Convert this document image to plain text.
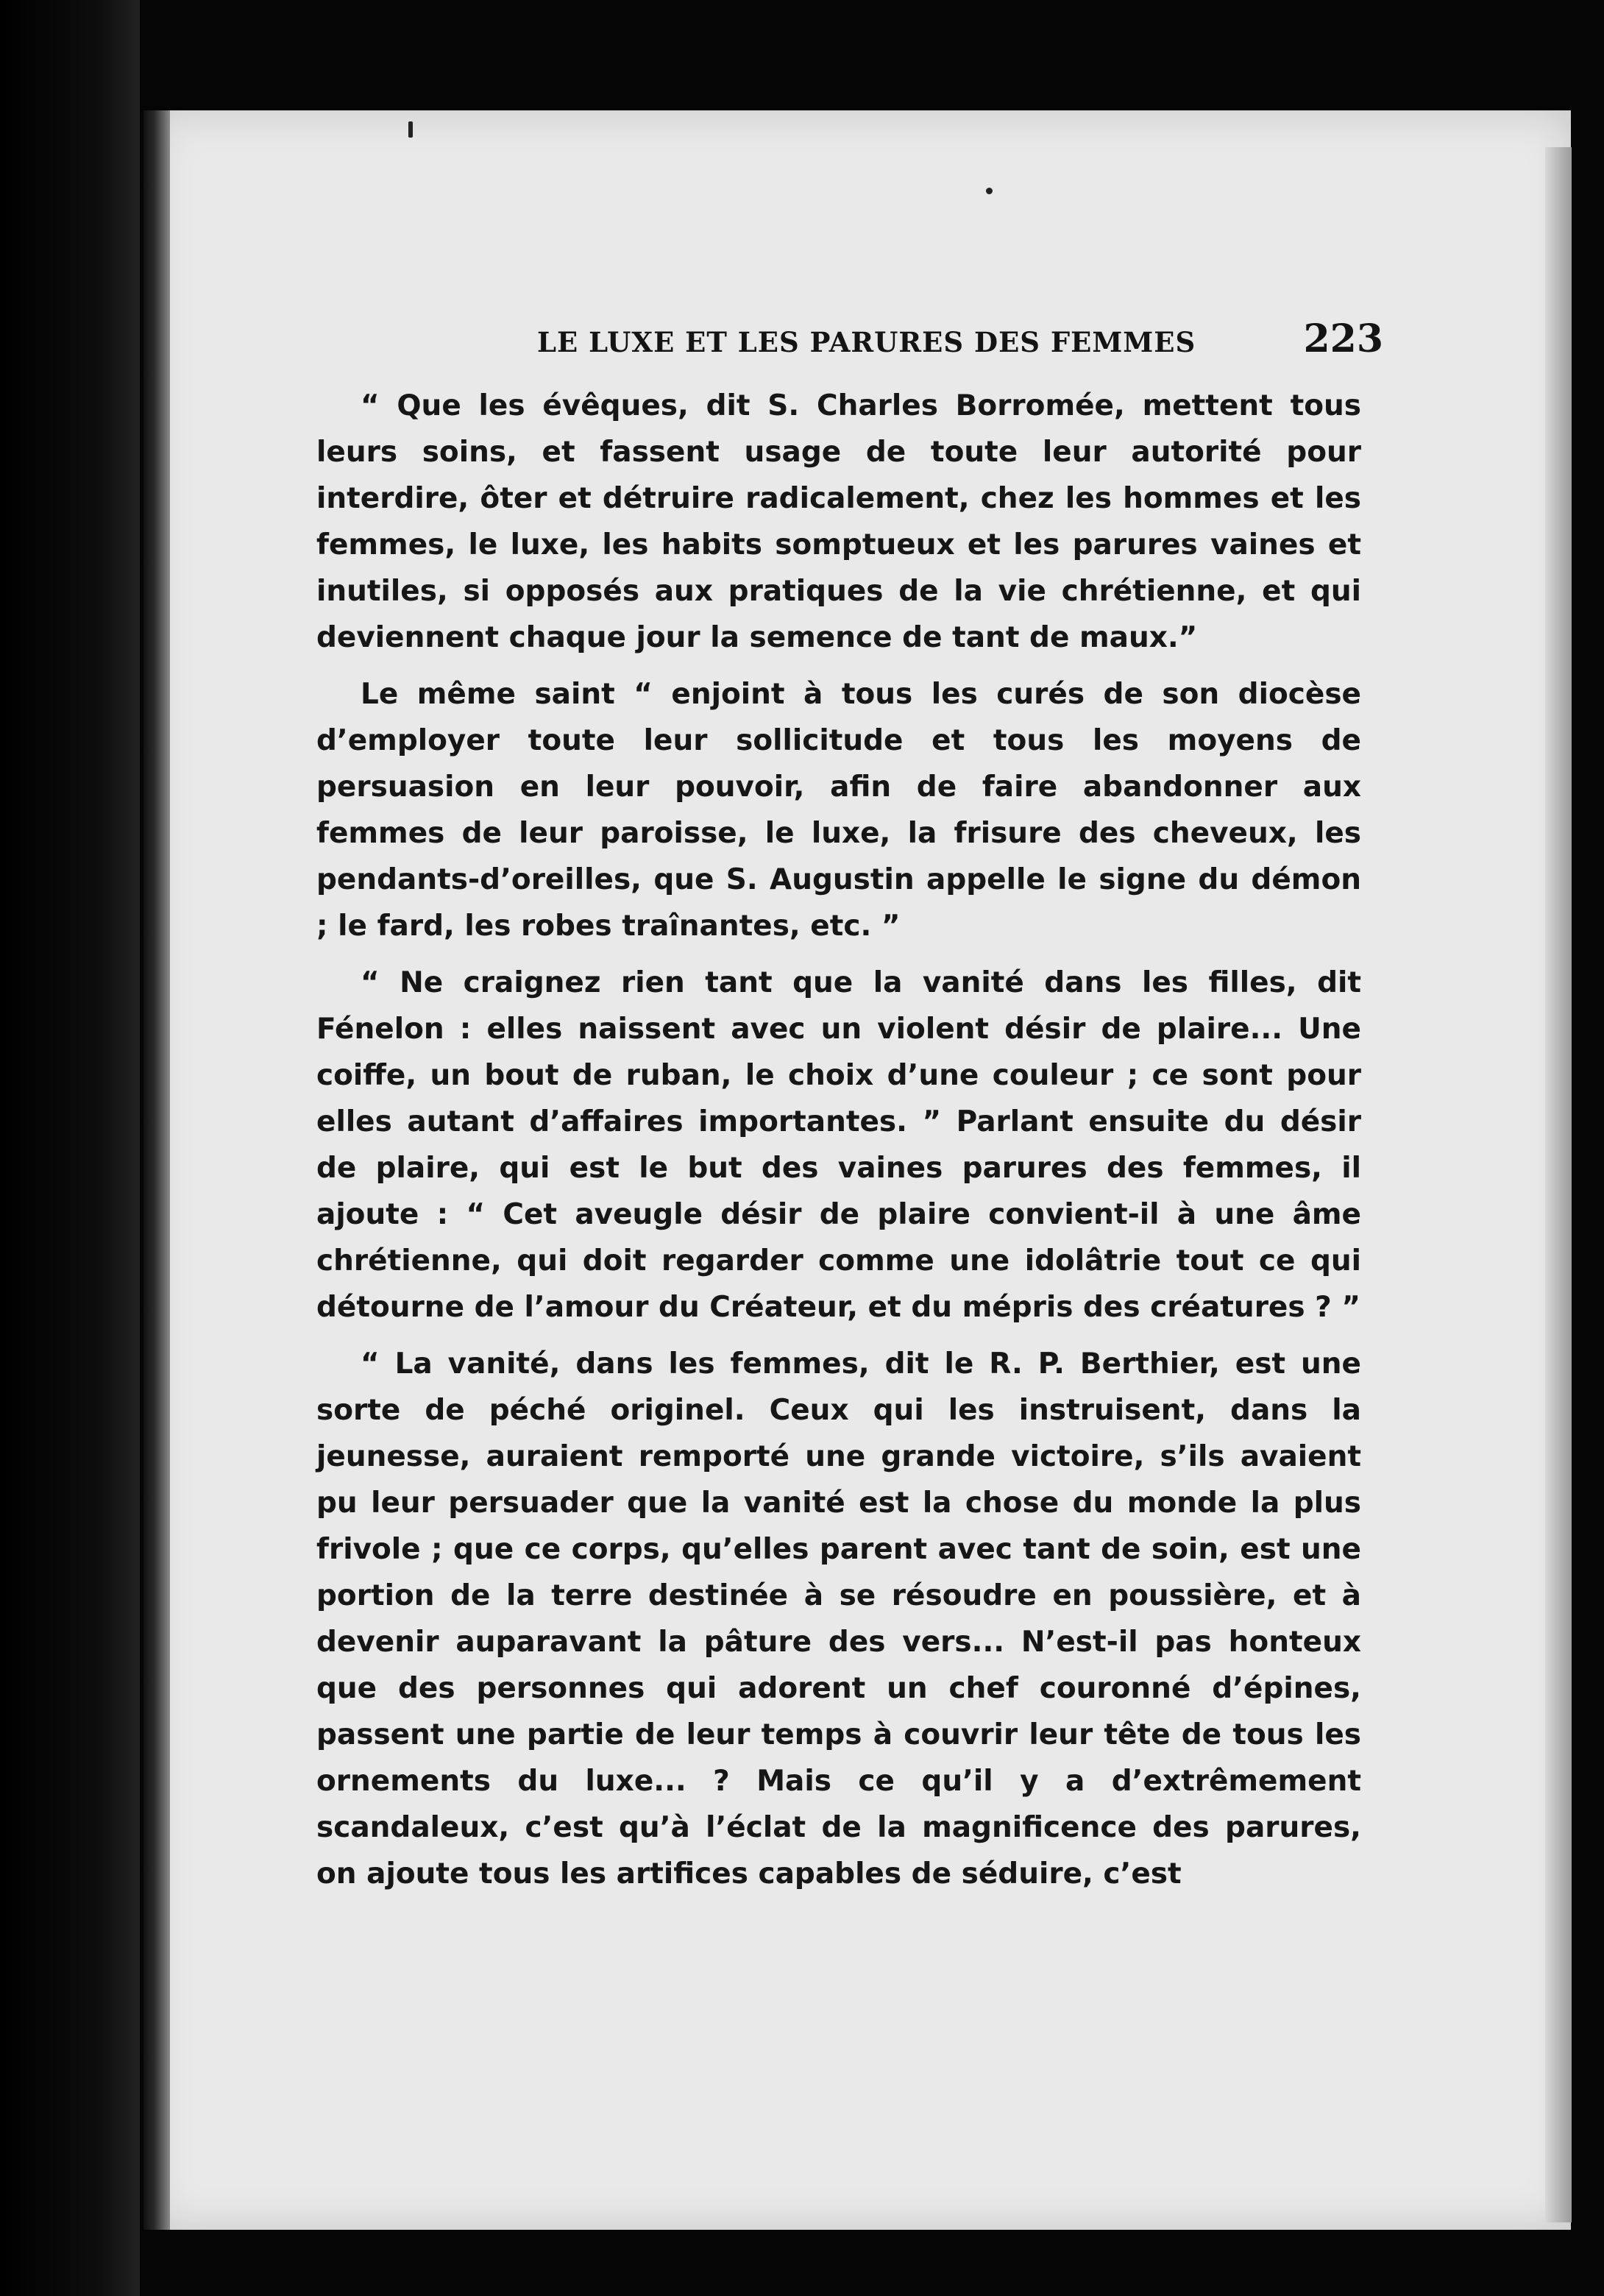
LE LUXE ET LES PARURES DES FEMMES	223

“ Que les évêques, dit S. Charles Borromée, mettent tous leurs soins, et fassent usage de toute leur autorité pour interdire, ôter et détruire radicalement, chez les hommes et les femmes, le luxe, les habits somptueux et les parures vaines et inutiles, si opposés aux pratiques de la vie chrétienne, et qui deviennent chaque jour la semence de tant de maux.”

Le même saint “ enjoint à tous les curés de son diocèse d’employer toute leur sollicitude et tous les moyens de persuasion en leur pouvoir, afin de faire abandonner aux femmes de leur paroisse, le luxe, la frisure des cheveux, les pendants-d’oreilles, que S. Augustin appelle le signe du démon ; le fard, les robes traînantes, etc. ”

“ Ne craignez rien tant que la vanité dans les filles, dit Fénelon : elles naissent avec un violent désir de plaire... Une coiffe, un bout de ruban, le choix d’une couleur ; ce sont pour elles autant d’affaires importantes. ” Parlant ensuite du désir de plaire, qui est le but des vaines parures des femmes, il ajoute : “ Cet aveugle désir de plaire convient-il à une âme chrétienne, qui doit regarder comme une idolâtrie tout ce qui détourne de l’amour du Créateur, et du mépris des créatures ? ”

“ La vanité, dans les femmes, dit le R. P. Berthier, est une sorte de péché originel. Ceux qui les instruisent, dans la jeunesse, auraient remporté une grande victoire, s’ils avaient pu leur persuader que la vanité est la chose du monde la plus frivole ; que ce corps, qu’elles parent avec tant de soin, est une portion de la terre destinée à se résoudre en poussière, et à devenir auparavant la pâture des vers... N’est-il pas honteux que des personnes qui adorent un chef couronné d’épines, passent une partie de leur temps à couvrir leur tête de tous les ornements du luxe... ? Mais ce qu’il y a d’extrêmement scandaleux, c’est qu’à l’éclat de la magnificence des parures, on ajoute tous les artifices capables de séduire, c’est
